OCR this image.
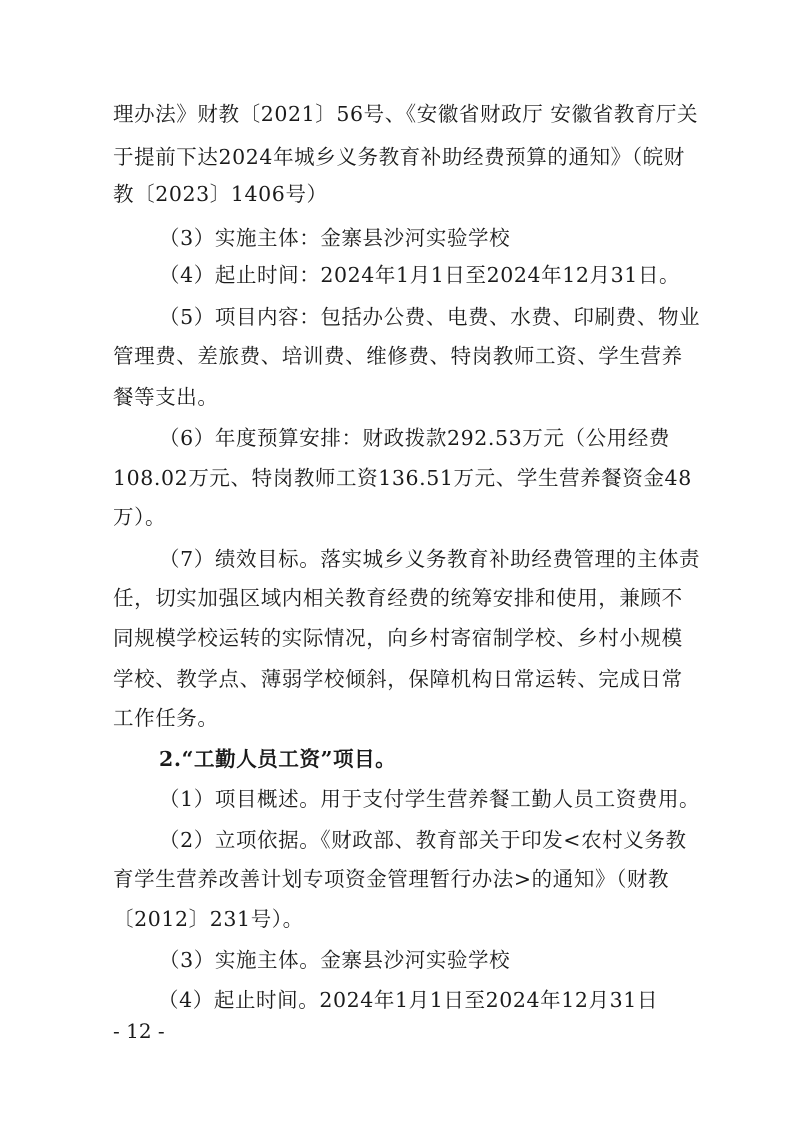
理办法》财教〔2021〕56号、《安徽省财政厅 安徽省教育厅关
于提前下达2024年城乡义务教育补助经费预算的通知》（皖财
教〔2023〕1406号）
（3）实施主体：金寨县沙河实验学校
（4）起止时间：2024年1月1日至2024年12月31日。
（5）项目内容：包括办公费、电费、水费、印刷费、物业
管理费、差旅费、培训费、维修费、特岗教师工资、学生营养
餐等支出。
（6）年度预算安排：财政拨款292.53万元（公用经费
108.02万元、特岗教师工资136.51万元、学生营养餐资金48
万）。
（7）绩效目标。落实城乡义务教育补助经费管理的主体责
任，切实加强区域内相关教育经费的统筹安排和使用，兼顾不
同规模学校运转的实际情况，向乡村寄宿制学校、乡村小规模
学校、教学点、薄弱学校倾斜，保障机构日常运转、完成日常
工作任务。
2.“工勤人员工资”项目。
（1）项目概述。用于支付学生营养餐工勤人员工资费用。
（2）立项依据。《财政部、教育部关于印发<农村义务教
育学生营养改善计划专项资金管理暂行办法>的通知》（财教
〔2012〕231号）。
（3）实施主体。金寨县沙河实验学校
（4）起止时间。2024年1月1日至2024年12月31日
- 12 -
